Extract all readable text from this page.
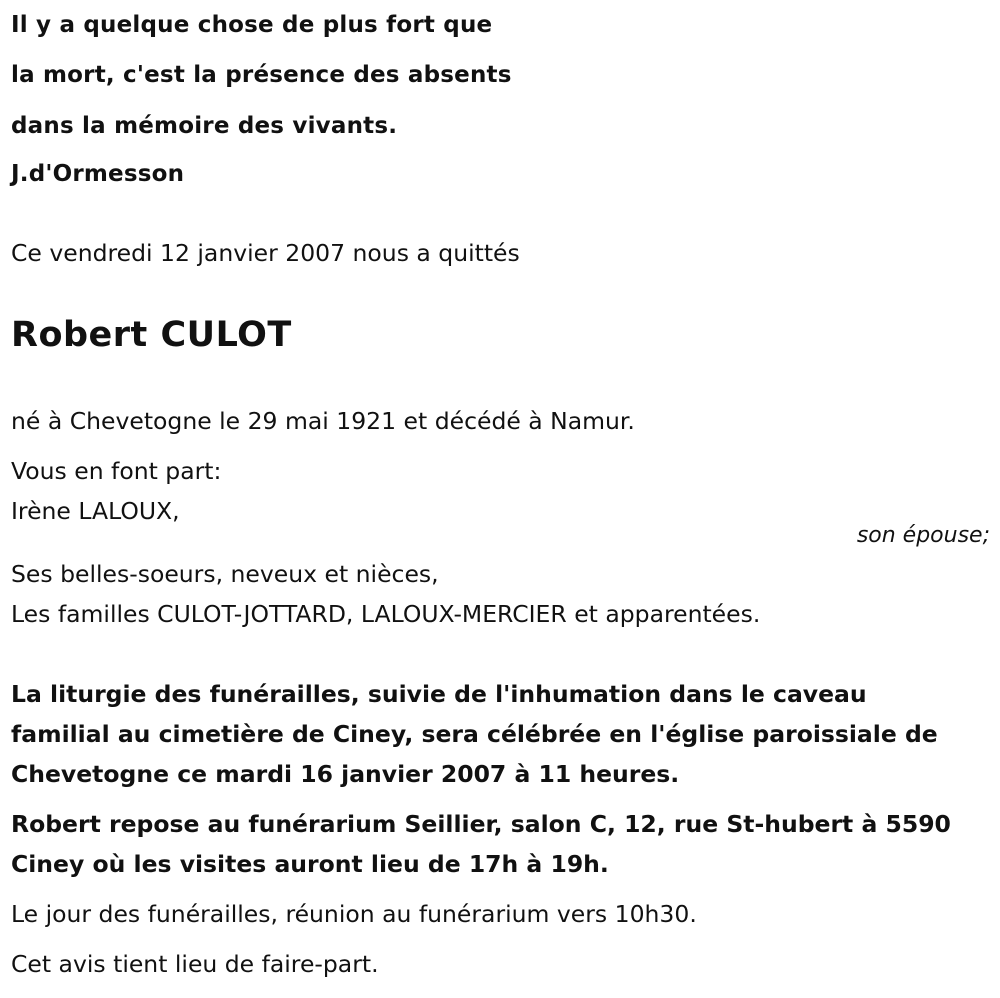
Il y a quelque chose de plus fort que
la mort, c'est la présence des absents
dans la mémoire des vivants.
J.d'Ormesson
Ce vendredi 12 janvier 2007 nous a quittés
Robert CULOT
né à Chevetogne le 29 mai 1921 et décédé à Namur.
Vous en font part:
Irène LALOUX,
son épouse;
Ses belles-soeurs, neveux et nièces,
Les familles CULOT-JOTTARD, LALOUX-MERCIER et apparentées.
La liturgie des funérailles, suivie de l'inhumation dans le caveau
familial au cimetière de Ciney, sera célébrée en l'église paroissiale de
Chevetogne ce mardi 16 janvier 2007 à 11 heures.
Robert repose au funérarium Seillier, salon C, 12, rue St-hubert à 5590
Ciney où les visites auront lieu de 17h à 19h.
Le jour des funérailles, réunion au funérarium vers 10h30.
Cet avis tient lieu de faire-part.
